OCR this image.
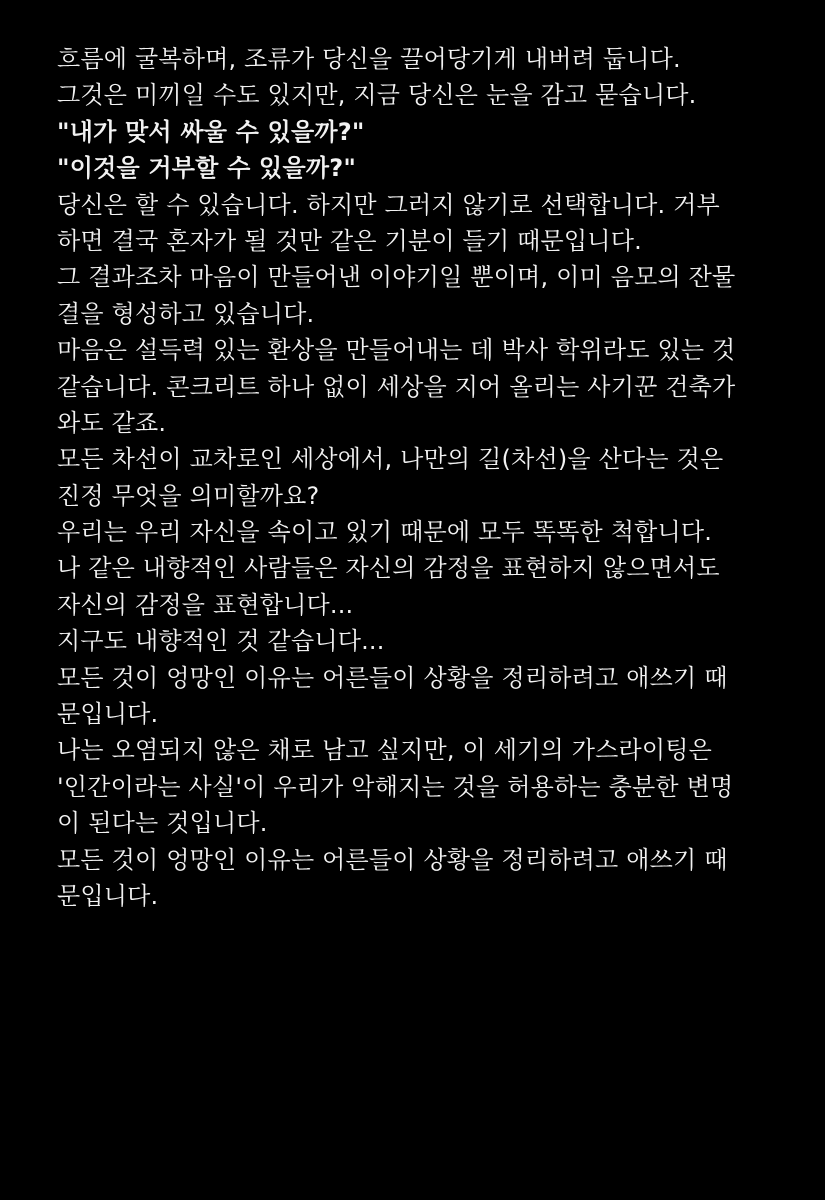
흐름에 굴복하며, 조류가 당신을 끌어당기게 내버려 둡니다.
그것은 미끼일 수도 있지만, 지금 당신은 눈을 감고 묻습니다.
"내가 맞서 싸울 수 있을까?"
"이것을 거부할 수 있을까?"
당신은 할 수 있습니다. 하지만 그러지 않기로 선택합니다. 거부
하면 결국 혼자가 될 것만 같은 기분이 들기 때문입니다.
그 결과조차 마음이 만들어낸 이야기일 뿐이며, 이미 음모의 잔물
결을 형성하고 있습니다.
마음은 설득력 있는 환상을 만들어내는 데 박사 학위라도 있는 것
같습니다. 콘크리트 하나 없이 세상을 지어 올리는 사기꾼 건축가
와도 같죠.
모든 차선이 교차로인 세상에서, 나만의 길(차선)을 산다는 것은
진정 무엇을 의미할까요?
우리는 우리 자신을 속이고 있기 때문에 모두 똑똑한 척합니다.
나 같은 내향적인 사람들은 자신의 감정을 표현하지 않으면서도
자신의 감정을 표현합니다...
지구도 내향적인 것 같습니다...
모든 것이 엉망인 이유는 어른들이 상황을 정리하려고 애쓰기 때
문입니다.
나는 오염되지 않은 채로 남고 싶지만, 이 세기의 가스라이팅은
'인간이라는 사실'이 우리가 악해지는 것을 허용하는 충분한 변명
이 된다는 것입니다.
모든 것이 엉망인 이유는 어른들이 상황을 정리하려고 애쓰기 때
문입니다.
